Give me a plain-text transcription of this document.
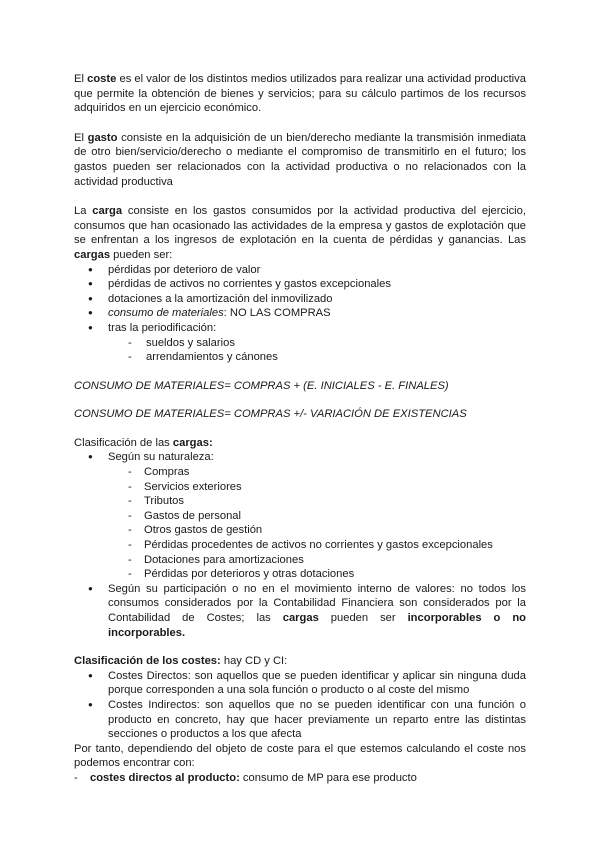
El coste es el valor de los distintos medios utilizados para realizar una actividad productiva que permite la obtención de bienes y servicios; para su cálculo partimos de los recursos adquiridos en un ejercicio económico.

El gasto consiste en la adquisición de un bien/derecho mediante la transmisión inmediata de otro bien/servicio/derecho o mediante el compromiso de transmitirlo en el futuro; los gastos pueden ser relacionados con la actividad productiva o no relacionados con la actividad productiva

La carga consiste en los gastos consumidos por la actividad productiva del ejercicio, consumos que han ocasionado las actividades de la empresa y gastos de explotación que se enfrentan a los ingresos de explotación en la cuenta de pérdidas y ganancias. Las cargas pueden ser:

● pérdidas por deterioro de valor
● pérdidas de activos no corrientes y gastos excepcionales
● dotaciones a la amortización del inmovilizado
● consumo de materiales: NO LAS COMPRAS
● tras la periodificación:
- sueldos y salarios
- arrendamientos y cánones

CONSUMO DE MATERIALES= COMPRAS + (E. INICIALES - E. FINALES)

CONSUMO DE MATERIALES= COMPRAS +/- VARIACIÓN DE EXISTENCIAS

Clasificación de las cargas:

● Según su naturaleza:
- Compras
- Servicios exteriores
- Tributos
- Gastos de personal
- Otros gastos de gestión
- Pérdidas procedentes de activos no corrientes y gastos excepcionales
- Dotaciones para amortizaciones
- Pérdidas por deterioros y otras dotaciones
● Según su participación o no en el movimiento interno de valores: no todos los consumos considerados por la Contabilidad Financiera son considerados por la Contabilidad de Costes; las cargas pueden ser incorporables o no incorporables.

Clasificación de los costes: hay CD y CI:

● Costes Directos: son aquellos que se pueden identificar y aplicar sin ninguna duda porque corresponden a una sola función o producto o al coste del mismo
● Costes Indirectos: son aquellos que no se pueden identificar con una función o producto en concreto, hay que hacer previamente un reparto entre las distintas secciones o productos a los que afecta

Por tanto, dependiendo del objeto de coste para el que estemos calculando el coste nos podemos encontrar con:

- costes directos al producto: consumo de MP para ese producto
